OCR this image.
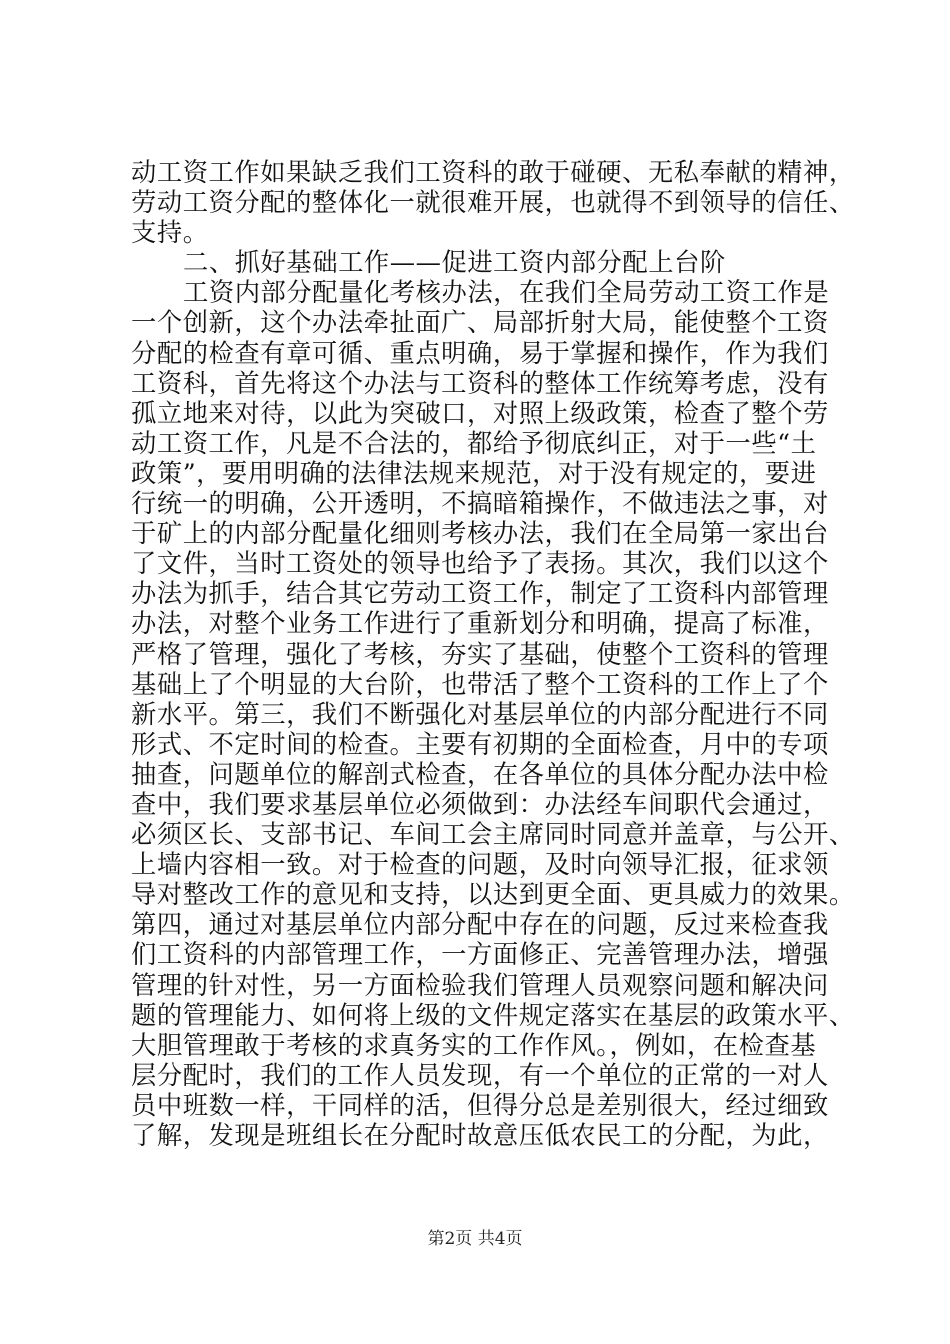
动工资工作如果缺乏我们工资科的敢于碰硬、无私奉献的精神，
劳动工资分配的整体化一就很难开展，也就得不到领导的信任、
支持。
二、抓好基础工作——促进工资内部分配上台阶
工资内部分配量化考核办法，在我们全局劳动工资工作是
一个创新，这个办法牵扯面广、局部折射大局，能使整个工资
分配的检查有章可循、重点明确，易于掌握和操作，作为我们
工资科，首先将这个办法与工资科的整体工作统筹考虑，没有
孤立地来对待，以此为突破口，对照上级政策，检查了整个劳
动工资工作，凡是不合法的，都给予彻底纠正，对于一些“土
政策”，要用明确的法律法规来规范，对于没有规定的，要进
行统一的明确，公开透明，不搞暗箱操作，不做违法之事，对
于矿上的内部分配量化细则考核办法，我们在全局第一家出台
了文件，当时工资处的领导也给予了表扬。其次，我们以这个
办法为抓手，结合其它劳动工资工作，制定了工资科内部管理
办法，对整个业务工作进行了重新划分和明确，提高了标准，
严格了管理，强化了考核，夯实了基础，使整个工资科的管理
基础上了个明显的大台阶，也带活了整个工资科的工作上了个
新水平。第三，我们不断强化对基层单位的内部分配进行不同
形式、不定时间的检查。主要有初期的全面检查，月中的专项
抽查，问题单位的解剖式检查，在各单位的具体分配办法中检
查中，我们要求基层单位必须做到：办法经车间职代会通过，
必须区长、支部书记、车间工会主席同时同意并盖章，与公开、
上墙内容相一致。对于检查的问题，及时向领导汇报，征求领
导对整改工作的意见和支持，以达到更全面、更具威力的效果。
第四，通过对基层单位内部分配中存在的问题，反过来检查我
们工资科的内部管理工作，一方面修正、完善管理办法，增强
管理的针对性，另一方面检验我们管理人员观察问题和解决问
题的管理能力、如何将上级的文件规定落实在基层的政策水平、
大胆管理敢于考核的求真务实的工作作风。，例如，在检查基
层分配时，我们的工作人员发现，有一个单位的正常的一对人
员中班数一样，干同样的活，但得分总是差别很大，经过细致
了解，发现是班组长在分配时故意压低农民工的分配，为此，
第2页 共4页
